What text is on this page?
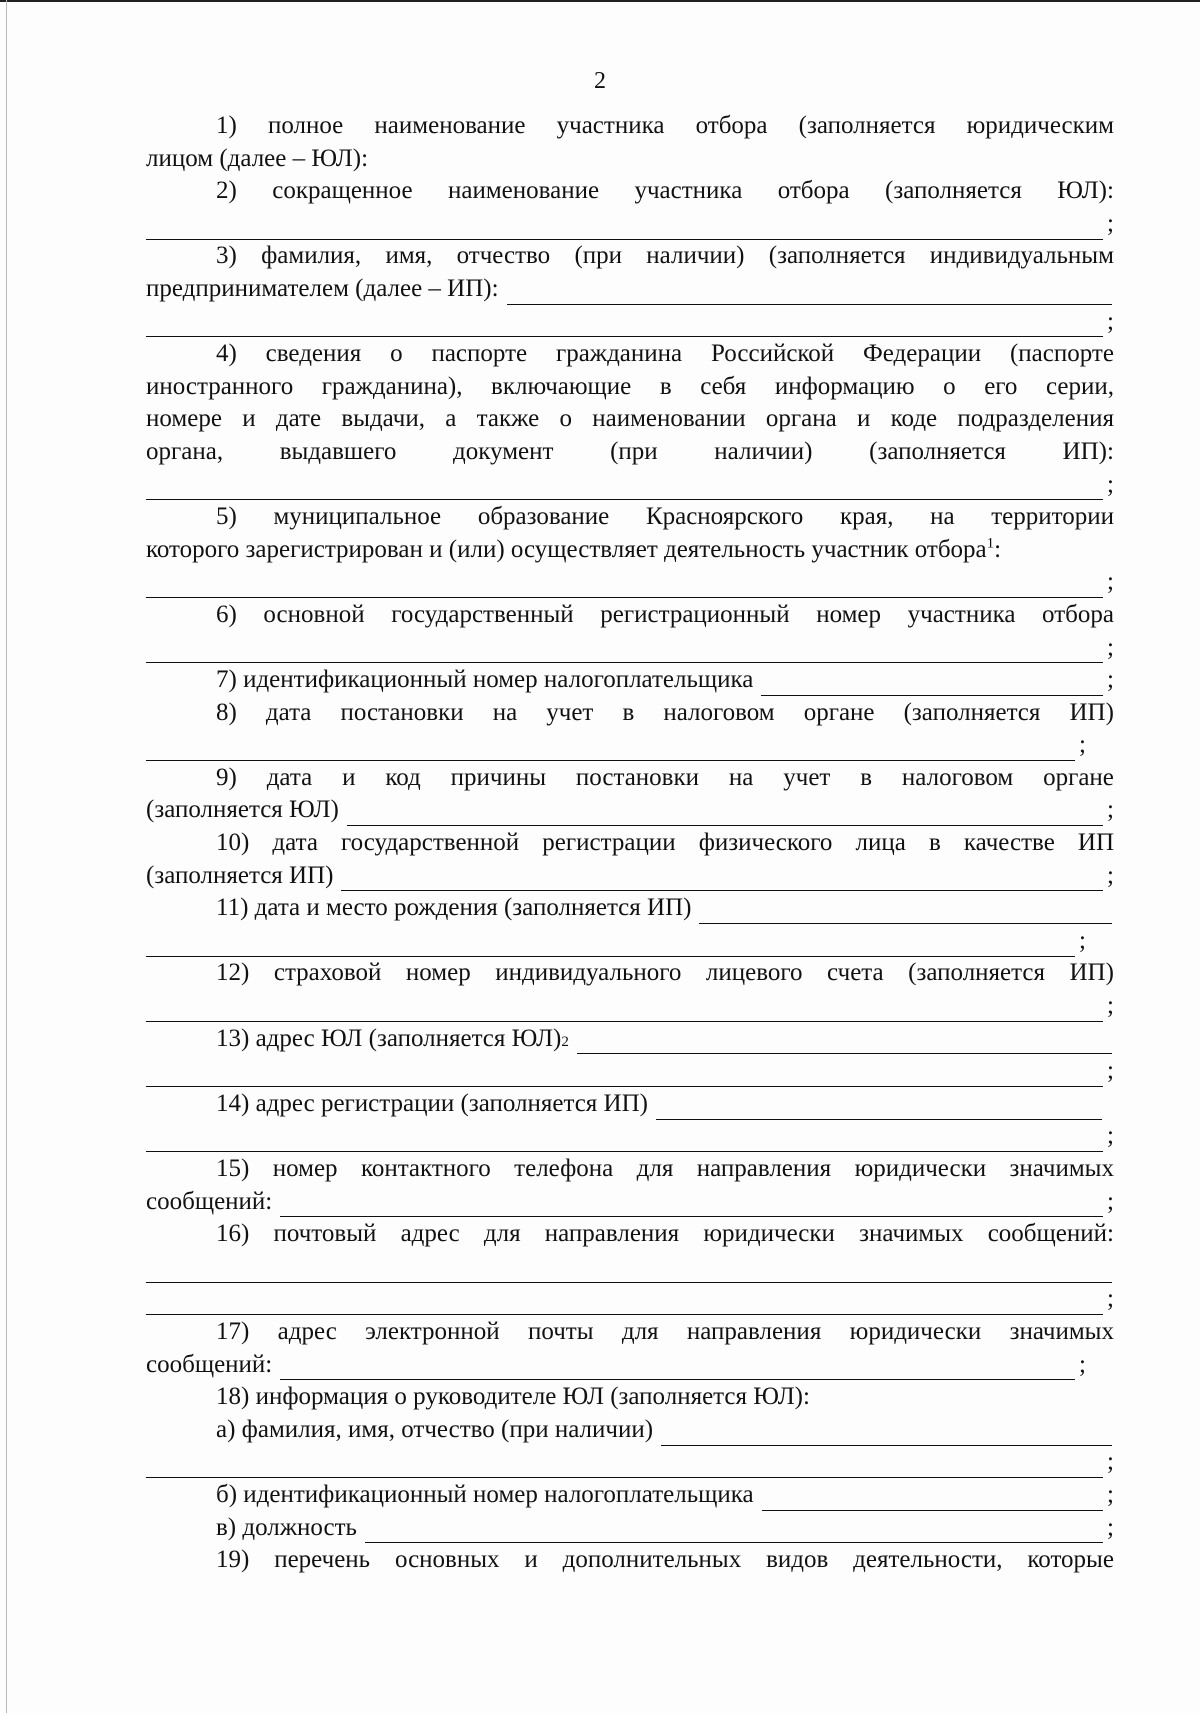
2
1) полное наименование участника отбора (заполняется юридическим
лицом (далее – ЮЛ):
2) сокращенное наименование участника отбора (заполняется ЮЛ):
;
3) фамилия, имя, отчество (при наличии) (заполняется индивидуальным
предпринимателем (далее – ИП):
;
4) сведения о паспорте гражданина Российской Федерации (паспорте
иностранного гражданина), включающие в себя информацию о его серии,
номере и дате выдачи, а также о наименовании органа и коде подразделения
органа, выдавшего документ (при наличии) (заполняется ИП):
;
5) муниципальное образование Красноярского края, на территории
которого зарегистрирован и (или) осуществляет деятельность участник отбора$^1$:
;
6) основной государственный регистрационный номер участника отбора
;
7) идентификационный номер налогоплательщика	;
8) дата постановки на учет в налоговом органе (заполняется ИП)
;
9) дата и код причины постановки на учет в налоговом органе
(заполняется ЮЛ)	;
10) дата государственной регистрации физического лица в качестве ИП
(заполняется ИП)	;
11) дата и место рождения (заполняется ИП)
;
12) страховой номер индивидуального лицевого счета (заполняется ИП)
;
13) адрес ЮЛ (заполняется ЮЛ) 2
;
14) адрес регистрации (заполняется ИП)
;
15) номер контактного телефона для направления юридически значимых
сообщений:	;
16) почтовый адрес для направления юридически значимых сообщений:
;
17) адрес электронной почты для направления юридически значимых
сообщений:	;
18) информация о руководителе ЮЛ (заполняется ЮЛ):
а) фамилия, имя, отчество (при наличии)
;
б) идентификационный номер налогоплательщика	;
в) должность	;
19) перечень основных и дополнительных видов деятельности, которые
